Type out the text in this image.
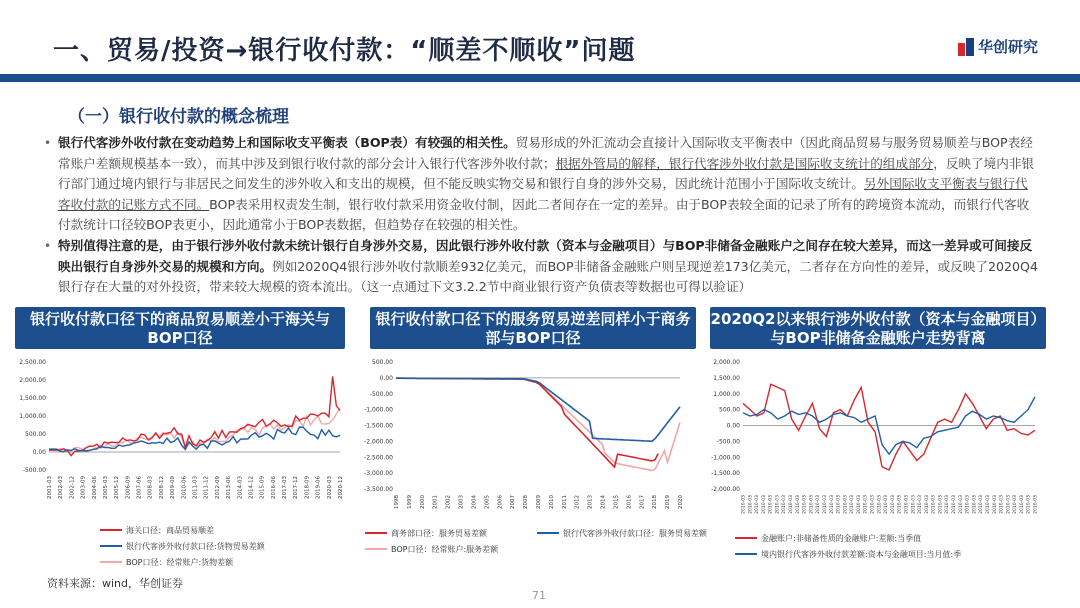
一、贸易/投资→银行收付款：“顺差不顺收”问题	华创研究
（一）银行收付款的概念梳理
• 银行代客涉外收付款在变动趋势上和国际收支平衡表（BOP表）有较强的相关性。贸易形成的外汇流动会直接计入国际收支平衡表中（因此商品贸易与服务贸易顺差与BOP表经常账户差额规模基本一致），而其中涉及到银行收付款的部分会计入银行代客涉外收付款；根据外管局的解释，银行代客涉外收付款是国际收支统计的组成部分，反映了境内非银行部门通过境内银行与非居民之间发生的涉外收入和支出的规模，但不能反映实物交易和银行自身的涉外交易，因此统计范围小于国际收支统计。另外国际收支平衡表与银行代客收付款的记账方式不同。BOP表采用权责发生制，银行收付款采用资金收付制，因此二者间存在一定的差异。由于BOP表较全面的记录了所有的跨境资本流动，而银行代客收付款统计口径较BOP表更小，因此通常小于BOP表数据，但趋势存在较强的相关性。
• 特别值得注意的是，由于银行涉外收付款未统计银行自身涉外交易，因此银行涉外收付款（资本与金融项目）与BOP非储备金融账户之间存在较大差异，而这一差异或可间接反映出银行自身涉外交易的规模和方向。例如2020Q4银行涉外收付款顺差932亿美元，而BOP非储备金融账户则呈现逆差173亿美元，二者存在方向性的差异，或反映了2020Q4银行存在大量的对外投资，带来较大规模的资本流出。（这一点通过下文3.2.2节中商业银行资产负债表等数据也可得以验证）
银行收付款口径下的商品贸易顺差小于海关与BOP口径
银行收付款口径下的服务贸易逆差同样小于商务部与BOP口径
2020Q2以来银行涉外收付款（资本与金融项目）与BOP非储备金融账户走势背离
2,500.00
2,000.00
1,500.00
1,000.00
500.00
0.00
-500.00
2001-03 2002-03 2002-12 2003-09 2004-06 2005-03 2005-12 2006-09 2007-06 2008-03 2008-12 2009-09 2010-06 2011-03 2011-12 2012-09 2013-06 2014-03 2014-12 2015-09 2016-06 2017-03 2017-12 2018-09 2019-06 2020-03 2020-12
海关口径：商品贸易顺差
银行代客涉外收付款口径:货物贸易差额
BOP口径：经常账户:货物差额
500.00
0.00
-500.00
-1,000.00
-1,500.00
-2,000.00
-2,500.00
-3,000.00
-3,500.00
1998 1999 2000 2001 2002 2003 2004 2005 2006 2007 2008 2009 2010 2011 2012 2013 2014 2015 2016 2017 2018 2019 2020
商务部口径：服务贸易差额	银行代客涉外收付款口径：服务贸易差额
BOP口径：经常账户:服务差额
2,000.00
1,500.00
1,000.00
500.00
0.00
-500.00
-1,000.00
-1,500.00
-2,000.00
2010-03 2010-03 2010-03 2010-03 2010-03 2010-03 2010-03 2010-03 2010-03 2010-03 2010-03 2010-03 2010-03 2010-03 2010-03 2010-03 2010-03 2010-03 2010-03 2010-03 2010-03 2010-03 2010-03 2010-03 2010-03 2010-03 2010-03 2010-03 2010-03 2010-03 2010-03 2010-03 2010-03 2010-03 2010-03 2010-03 2010-03 2010-03 2010-03 2010-03 2010-03 2010-03 2010-03 2010-03
金融账户:非储备性质的金融账户:差额:当季值
境内银行代客涉外收付款差额:资本与金融项目:当月值:季
资料来源：wind，华创证券
71
